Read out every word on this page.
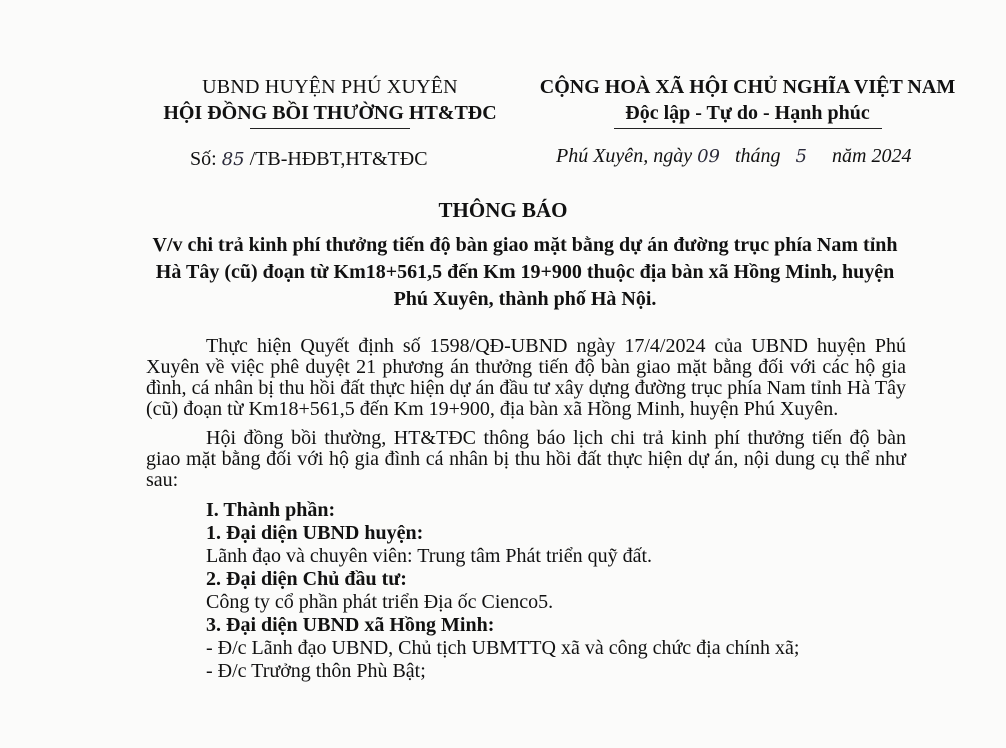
UBND HUYỆN PHÚ XUYÊN
HỘI ĐỒNG BỒI THƯỜNG HT&TĐC
CỘNG HOÀ XÃ HỘI CHỦ NGHĨA VIỆT NAM
Độc lập - Tự do - Hạnh phúc
Số: 85 /TB-HĐBT,HT&TĐC	Phú Xuyên, ngày 09 tháng 5 năm 2024
THÔNG BÁO
V/v chi trả kinh phí thưởng tiến độ bàn giao mặt bằng dự án đường trục phía Nam tỉnh Hà Tây (cũ) đoạn từ Km18+561,5 đến Km 19+900 thuộc địa bàn xã Hồng Minh, huyện Phú Xuyên, thành phố Hà Nội.

Thực hiện Quyết định số 1598/QĐ-UBND ngày 17/4/2024 của UBND huyện Phú Xuyên về việc phê duyệt 21 phương án thưởng tiến độ bàn giao mặt bằng đối với các hộ gia đình, cá nhân bị thu hồi đất thực hiện dự án đầu tư xây dựng đường trục phía Nam tỉnh Hà Tây (cũ) đoạn từ Km18+561,5 đến Km 19+900, địa bàn xã Hồng Minh, huyện Phú Xuyên.

Hội đồng bồi thường, HT&TĐC thông báo lịch chi trả kinh phí thưởng tiến độ bàn giao mặt bằng đối với hộ gia đình cá nhân bị thu hồi đất thực hiện dự án, nội dung cụ thể như sau:

I. Thành phần:
1. Đại diện UBND huyện:
Lãnh đạo và chuyên viên: Trung tâm Phát triển quỹ đất.
2. Đại diện Chủ đầu tư:
Công ty cổ phần phát triển Địa ốc Cienco5.
3. Đại diện UBND xã Hồng Minh:
- Đ/c Lãnh đạo UBND, Chủ tịch UBMTTQ xã và công chức địa chính xã;
- Đ/c Trưởng thôn Phù Bật;
